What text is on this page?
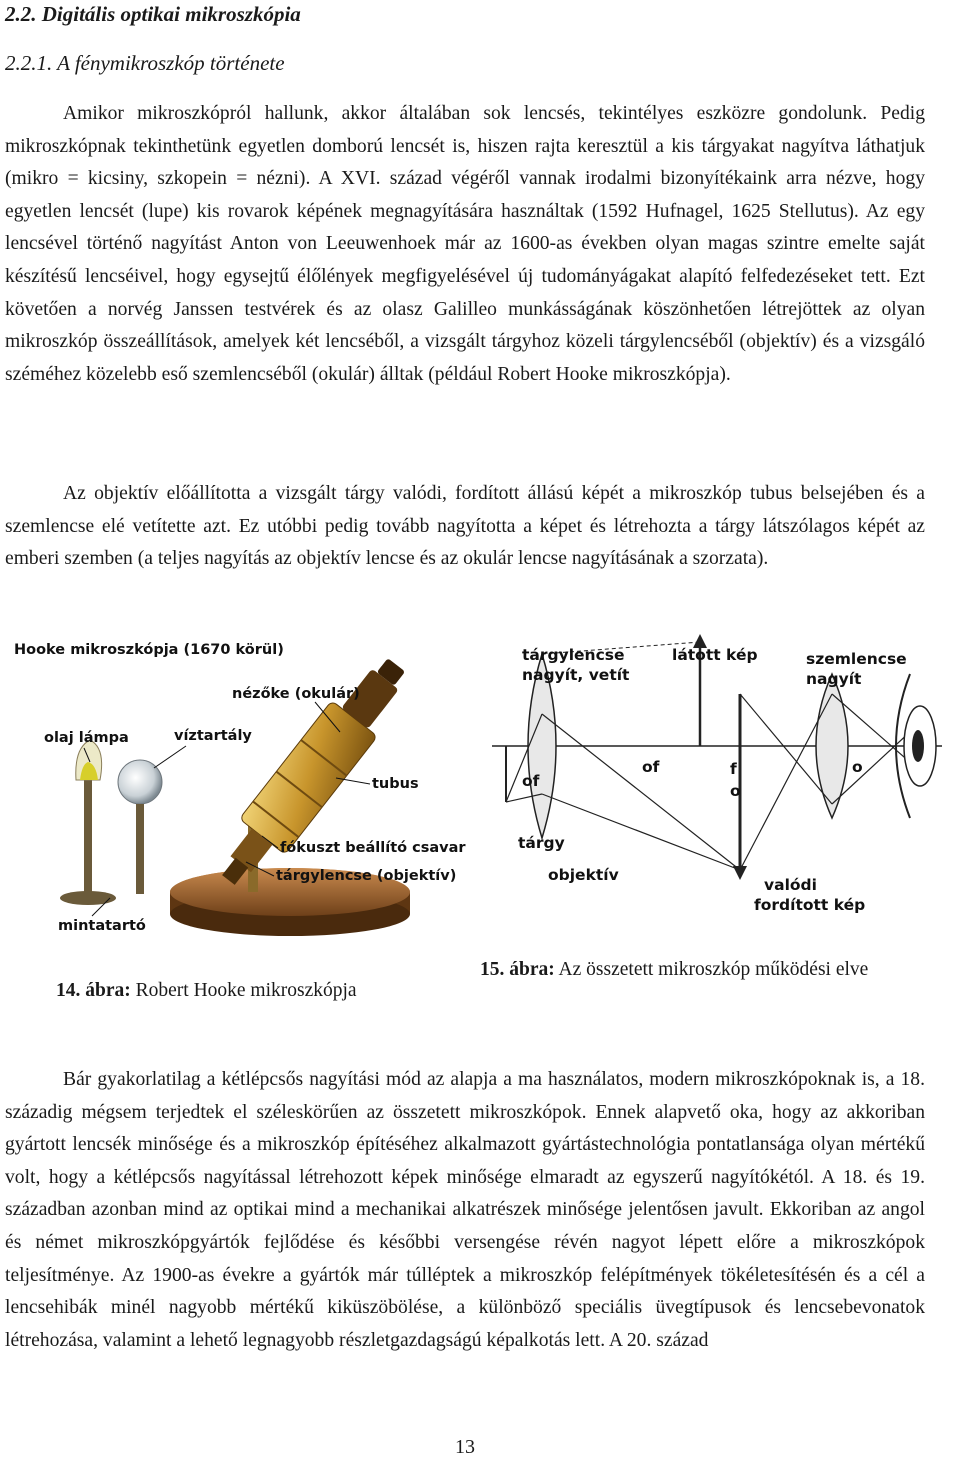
2.2. Digitális optikai mikroszkópia
2.2.1. A fénymikroszkóp története
Amikor mikroszkópról hallunk, akkor általában sok lencsés, tekintélyes eszközre gondolunk. Pedig mikroszkópnak tekinthetünk egyetlen domború lencsét is, hiszen rajta keresztül a kis tárgyakat nagyítva láthatjuk (mikro = kicsiny, szkopein = nézni). A XVI. század végéről vannak irodalmi bizonyítékaink arra nézve, hogy egyetlen lencsét (lupe) kis rovarok képének megnagyítására használtak (1592 Hufnagel, 1625 Stellutus). Az egy lencsével történő nagyítást Anton von Leeuwenhoek már az 1600-as években olyan magas szintre emelte saját készítésű lencséivel, hogy egysejtű élőlények megfigyelésével új tudományágakat alapító felfedezéseket tett. Ezt követően a norvég Janssen testvérek és az olasz Galilleo munkásságának köszönhetően létrejöttek az olyan mikroszkóp összeállítások, amelyek két lencséből, a vizsgált tárgyhoz közeli tárgylencséből (objektív) és a vizsgáló széméhez közelebb eső szemlencséből (okulár) álltak (például Robert Hooke mikroszkópja).
Az objektív előállította a vizsgált tárgy valódi, fordított állású képét a mikroszkóp tubus belsejében és a szemlencse elé vetítette azt. Ez utóbbi pedig tovább nagyította a képet és létrehozta a tárgy látszólagos képét az emberi szemben (a teljes nagyítás az objektív lencse és az okulár lencse nagyításának a szorzata).
Hooke mikroszkópja (1670 körül)
nézőke (okulár)
olaj lámpa	víztartály
tubus
fókuszt beállító csavar
tárgylencse (objektív)
mintatartó
of
of	f
o
o
tárgylencse
nagyít, vetít
látott kép	szemlencse
nagyít
tárgy
objektív
valódi
fordított kép
14. ábra: Robert Hooke mikroszkópja
15. ábra: Az összetett mikroszkóp működési elve
Bár gyakorlatilag a kétlépcsős nagyítási mód az alapja a ma használatos, modern mikroszkópoknak is, a 18. századig mégsem terjedtek el széleskörűen az összetett mikroszkópok. Ennek alapvető oka, hogy az akkoriban gyártott lencsék minősége és a mikroszkóp építéséhez alkalmazott gyártástechnológia pontatlansága olyan mértékű volt, hogy a kétlépcsős nagyítással létrehozott képek minősége elmaradt az egyszerű nagyítókétól. A 18. és 19. században azonban mind az optikai mind a mechanikai alkatrészek minősége jelentősen javult. Ekkoriban az angol és német mikroszkópgyártók fejlődése és későbbi versengése révén nagyot lépett előre a mikroszkópok teljesítménye. Az 1900-as évekre a gyártók már túlléptek a mikroszkóp felépítmények tökéletesítésén és a cél a lencsehibák minél nagyobb mértékű kiküszöbölése, a különböző speciális üvegtípusok és lencsebevonatok létrehozása, valamint a lehető legnagyobb részletgazdagságú képalkotás lett. A 20. század
13
